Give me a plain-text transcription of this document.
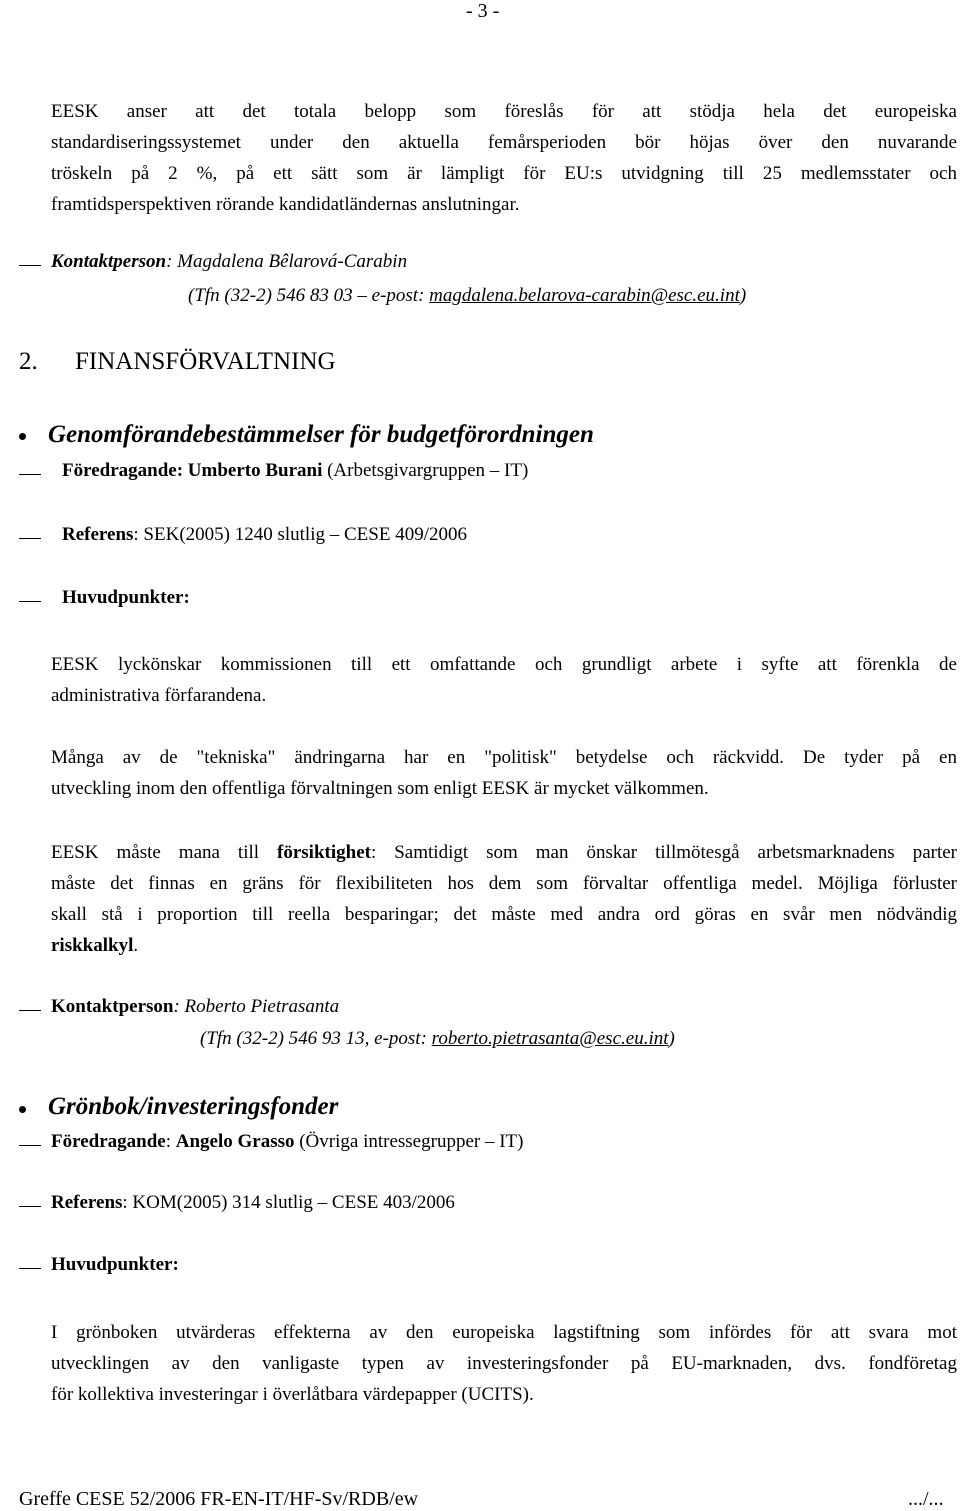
- 3 -
EESK anser att det totala belopp som föreslås för att stödja hela det europeiska
standardiseringssystemet under den aktuella femårsperioden bör höjas över den nuvarande
tröskeln på 2 %, på ett sätt som är lämpligt för EU:s utvidgning till 25 medlemsstater och
framtidsperspektiven rörande kandidatländernas anslutningar.
Kontaktperson: Magdalena Bêlarová-Carabin
(Tfn (32-2) 546 83 03 – e-post: magdalena.belarova-carabin@esc.eu.int)
2. FINANSFÖRVALTNING
Genomförandebestämmelser för budgetförordningen
Föredragande: Umberto Burani (Arbetsgivargruppen – IT)
Referens: SEK(2005) 1240 slutlig – CESE 409/2006
Huvudpunkter:
EESK lyckönskar kommissionen till ett omfattande och grundligt arbete i syfte att förenkla de
administrativa förfarandena.
Många av de "tekniska" ändringarna har en "politisk" betydelse och räckvidd. De tyder på en
utveckling inom den offentliga förvaltningen som enligt EESK är mycket välkommen.
EESK måste mana till försiktighet: Samtidigt som man önskar tillmötesgå arbetsmarknadens parter
måste det finnas en gräns för flexibiliteten hos dem som förvaltar offentliga medel. Möjliga förluster
skall stå i proportion till reella besparingar; det måste med andra ord göras en svår men nödvändig
riskkalkyl.
Kontaktperson: Roberto Pietrasanta
(Tfn (32-2) 546 93 13, e-post: roberto.pietrasanta@esc.eu.int)
Grönbok/investeringsfonder
Föredragande: Angelo Grasso (Övriga intressegrupper – IT)
Referens: KOM(2005) 314 slutlig – CESE 403/2006
Huvudpunkter:
I grönboken utvärderas effekterna av den europeiska lagstiftning som infördes för att svara mot
utvecklingen av den vanligaste typen av investeringsfonder på EU-marknaden, dvs. fondföretag
för kollektiva investeringar i överlåtbara värdepapper (UCITS).
Greffe CESE 52/2006 FR-EN-IT/HF-Sv/RDB/ew	.../...
